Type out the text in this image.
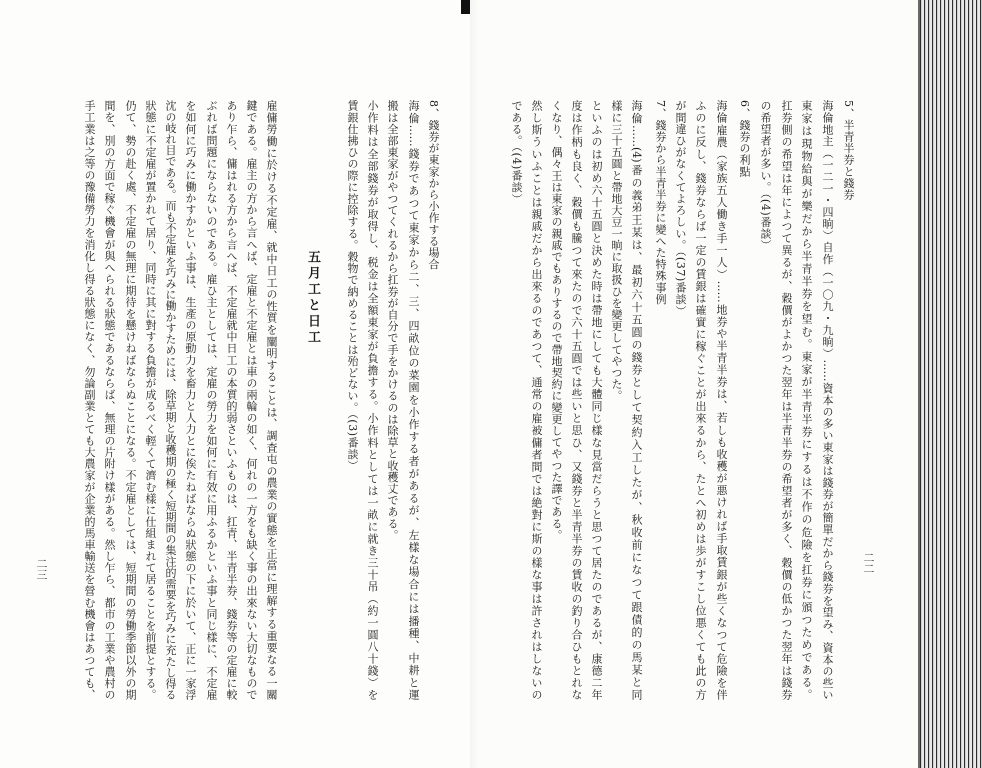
5、半青半券と錢券
海倫地主（一二一・四晌）自作（一〇九・九晌）……資本の多い東家は錢券が簡單だから錢券を望み、資本の些い
東家は現物給與が樂だから半青半券を望む。東家が半青半券にするは不作の危險を扛券に頒つためである。
扛券側の希望は年によつて異るが、穀價がよかつた翌年は半青半券の希望者が多く、穀價の低かつた翌年は錢券
の希望者が多い。（(4)番談）
6、錢券の利點
海倫雇農（家族五人働き手一人）……地券や半青半券は、若しも收穫が悪ければ手取賃銀が些くなつて危險を伴
ふのに反し、錢券ならば一定の賃銀は確實に稼ぐことが出來るから、たとへ初めは歩がすこし位悪くても此の方
が間違ひがなくてよろしい。（(37)番談）
7、錢券から半青半券に變へた特殊事例
海倫……(4)番の義弟王某は、最初六十五圓の錢券として契約入工したが、秋收前になつて跟債的の馬某と同
樣に三十五圓と帶地大豆一晌に取扱ひを變更してやつた。
といふのは初め六十五圓と決めた時は帶地にしても大體同じ樣な見當だらうと思つて居たのであるが、康德二年
度は作柄も良く、穀價も騰つて來たので六十五圓では些いと思ひ、又錢券と半青半券の賃收の釣り合ひもとれな
くなり、偶々王は東家の親戚でもありするので帶地契約に變更してやつた譯である。
然し斯ういふことは親戚だから出來るのであつて、通常の雇被傭者間では絶對に斯の樣な事は許されはしないの
である。（(4)番談）
二二
8、錢券が東家から小作する場合
海倫……錢券であつて東家から二、三、四畝位の菜園を小作する者があるが、左樣な場合には播種、中耕と運
搬は全部東家がやつてくれるから扛券が自分で手をかけるのは除草と收穫丈である。
小作料は全部錢券が取得し、税金は全額東家が負擔する。小作料としては一畝に就き三十吊（約一圓八十錢）を
賃銀仕拂ひの際に控除する。穀物で納めることは殆どない。（(3)番談）
五月工と日工
雇傭勞働に於ける不定雇、就中日工の性質を闡明することは、調査屯の農業の實態を正當に理解する重要なる一關
鍵である。雇主の方から言へば、定雇と不定雇とは車の兩輪の如く、何れの一方をも缺く事の出來ない大切なもので
あり乍ら、傭はれる方から言へば、不定雇就中日工の本質的弱さといふものは、扛青、半青半券、錢券等の定雇に較
ぶれば問題にならないのである。雇ひ主としては、定雇の勞力を如何に有效に用ふるかといふ事と同じ樣に、不定雇
を如何に巧みに働かすかといふ事は、生產の原動力を畜力と人力とに俟たねばならぬ狀態の下に於いて、正に一家浮
沈の岐れ目である。而も不定雇を巧みに働かすためには、除草期と收穫期の極く短期間の集注的需要を巧みに充たし得る
狀態に不定雇が置かれて居り、同時に其に對する負擔が成るべく輕くて濟む樣に仕組まれて居ることを前提とする。
仍て、勢の赴く處、不定雇の無理に期待を懸けねばならぬことになる。不定雇としては、短期間の勞働季節以外の期
間を、別の方面で稼ぐ機會が與へられる狀態であるならば、無理の片附け樣がある。然し乍ら、都市の工業や農村の
手工業は之等の豫備勞力を消化し得る狀態になく、勿論副業とても大農家が企業的馬車輸送を營む機會はあつても、
二三
